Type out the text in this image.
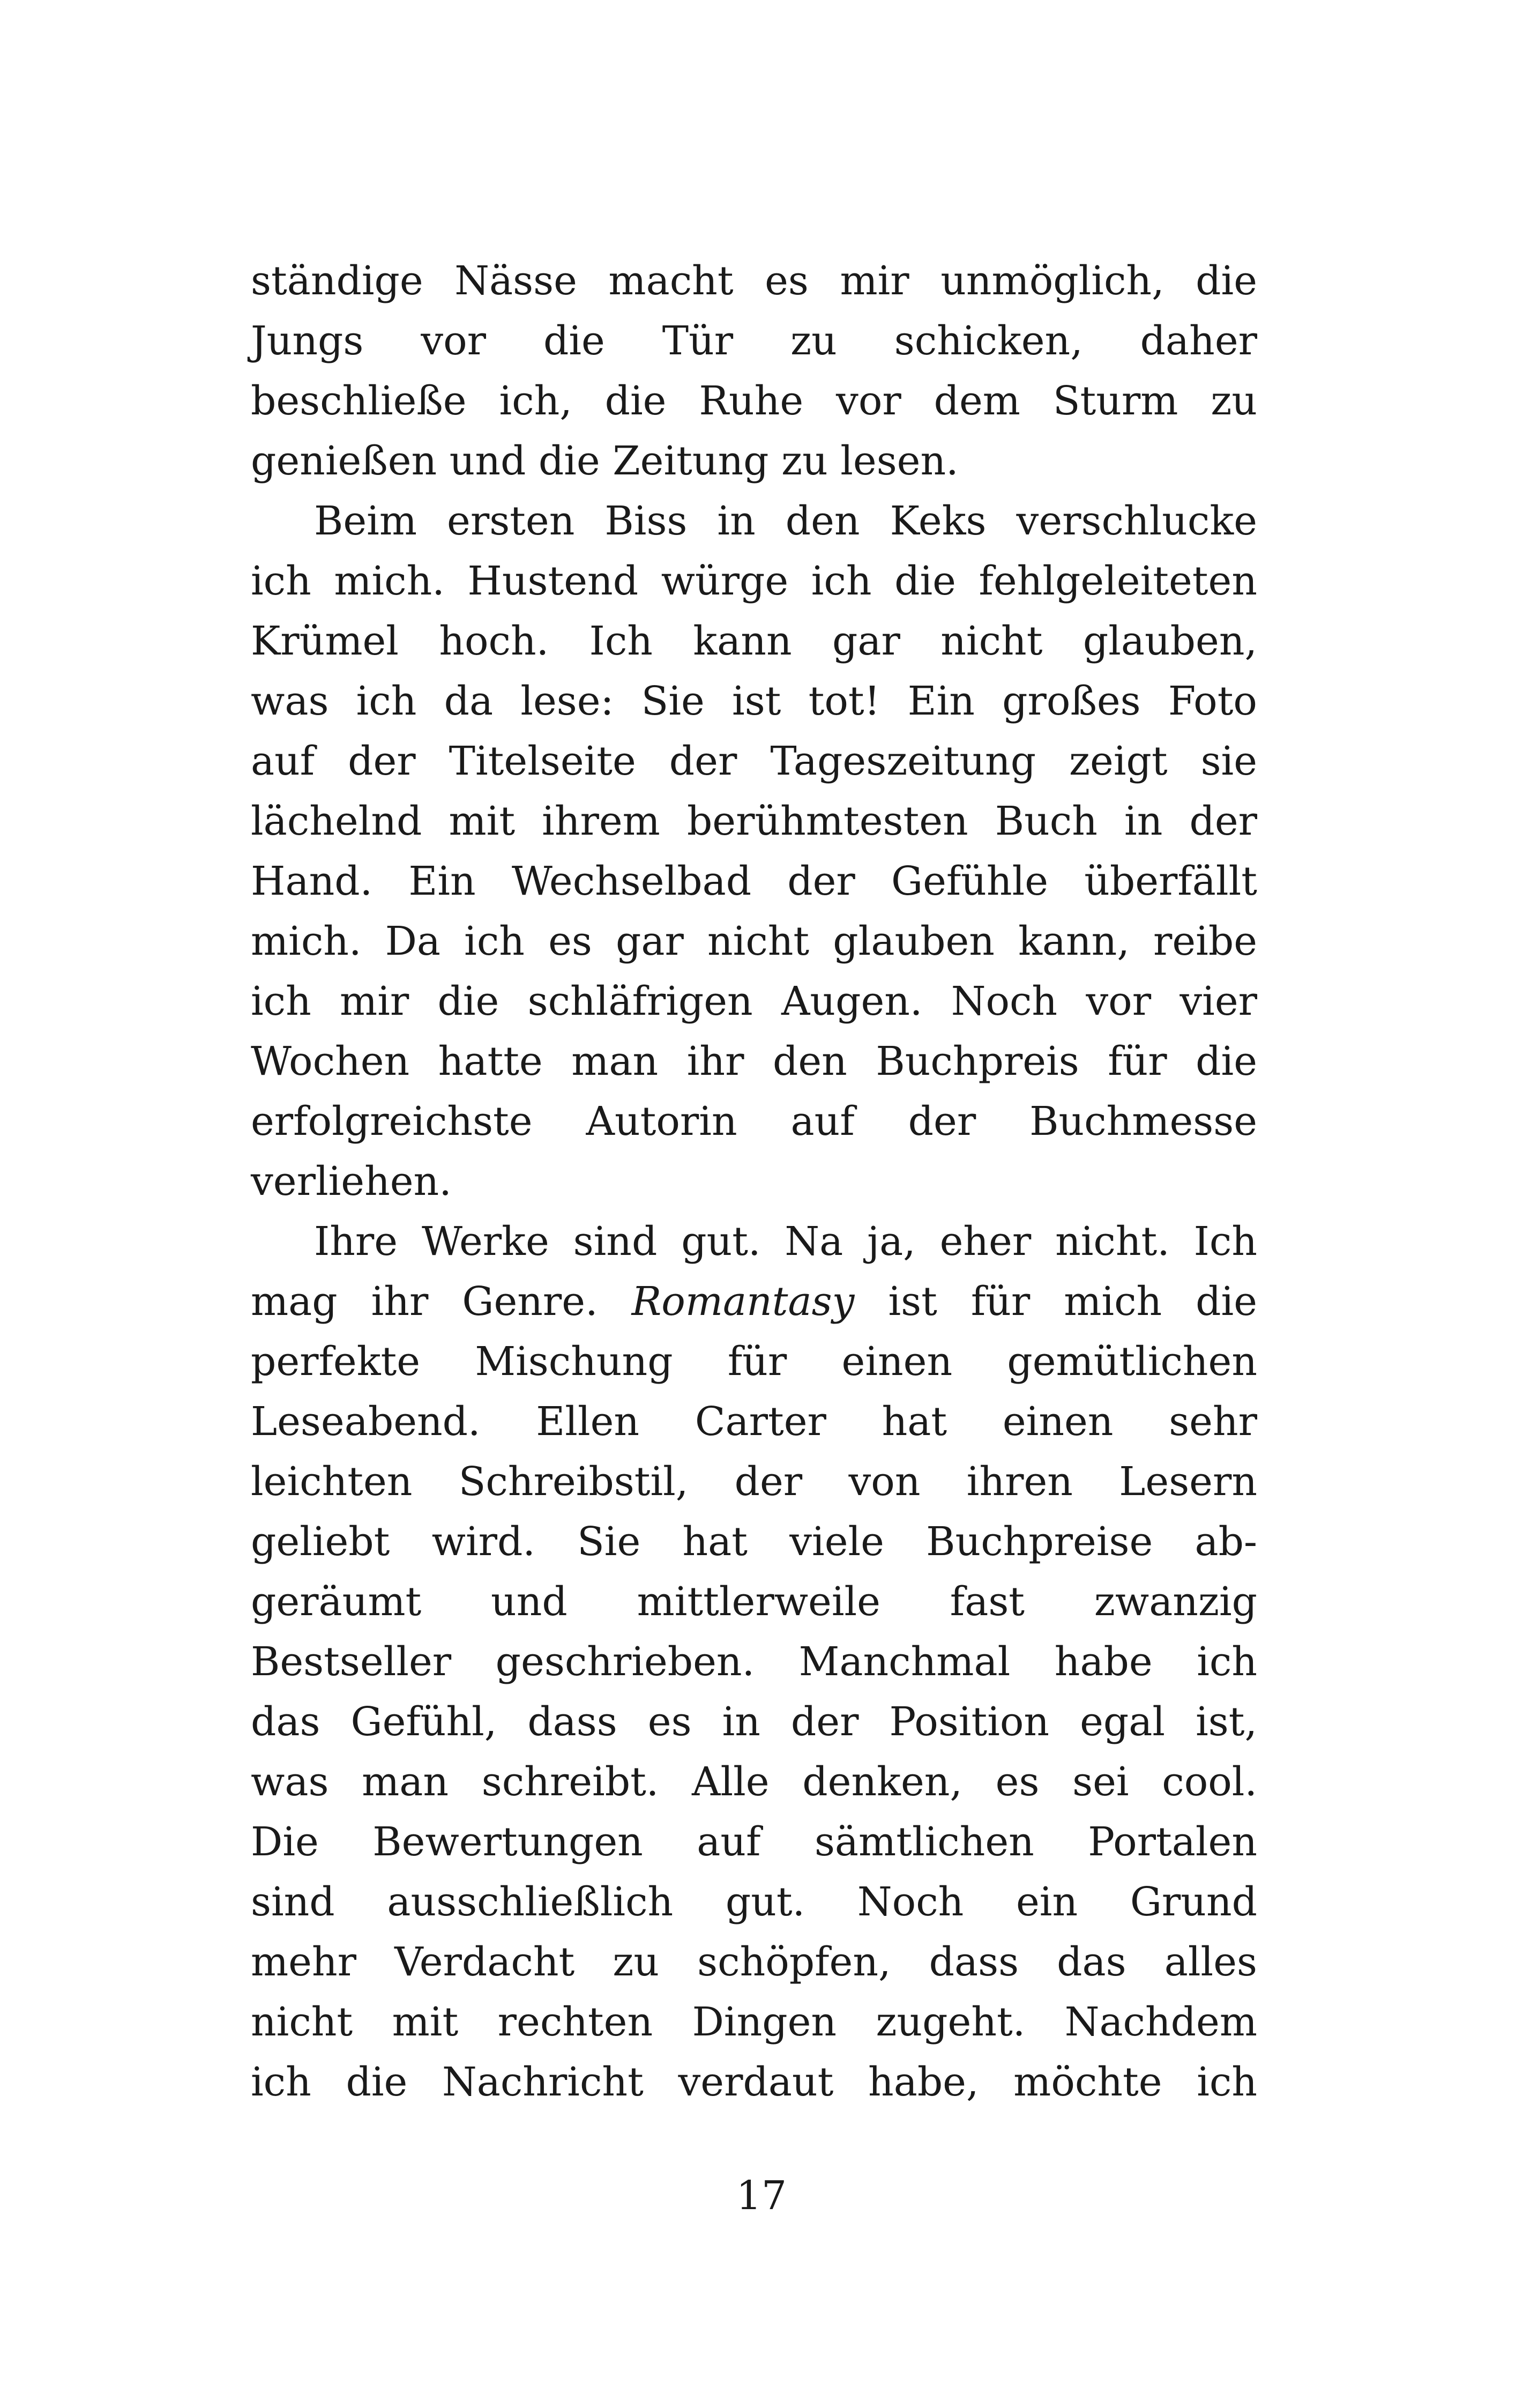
ständige Nässe macht es mir unmöglich, die
Jungs vor die Tür zu schicken, daher
beschließe ich, die Ruhe vor dem Sturm zu
genießen und die Zeitung zu lesen.
Beim ersten Biss in den Keks verschlucke
ich mich. Hustend würge ich die fehlgeleiteten
Krümel hoch. Ich kann gar nicht glauben,
was ich da lese: Sie ist tot! Ein großes Foto
auf der Titelseite der Tageszeitung zeigt sie
lächelnd mit ihrem berühmtesten Buch in der
Hand. Ein Wechselbad der Gefühle überfällt
mich. Da ich es gar nicht glauben kann, reibe
ich mir die schläfrigen Augen. Noch vor vier
Wochen hatte man ihr den Buchpreis für die
erfolgreichste Autorin auf der Buchmesse
verliehen.
Ihre Werke sind gut. Na ja, eher nicht. Ich
mag ihr Genre. Romantasy ist für mich die
perfekte Mischung für einen gemütlichen
Leseabend. Ellen Carter hat einen sehr
leichten Schreibstil, der von ihren Lesern
geliebt wird. Sie hat viele Buchpreise ab-
geräumt und mittlerweile fast zwanzig
Bestseller geschrieben. Manchmal habe ich
das Gefühl, dass es in der Position egal ist,
was man schreibt. Alle denken, es sei cool.
Die Bewertungen auf sämtlichen Portalen
sind ausschließlich gut. Noch ein Grund
mehr Verdacht zu schöpfen, dass das alles
nicht mit rechten Dingen zugeht. Nachdem
ich die Nachricht verdaut habe, möchte ich
17
